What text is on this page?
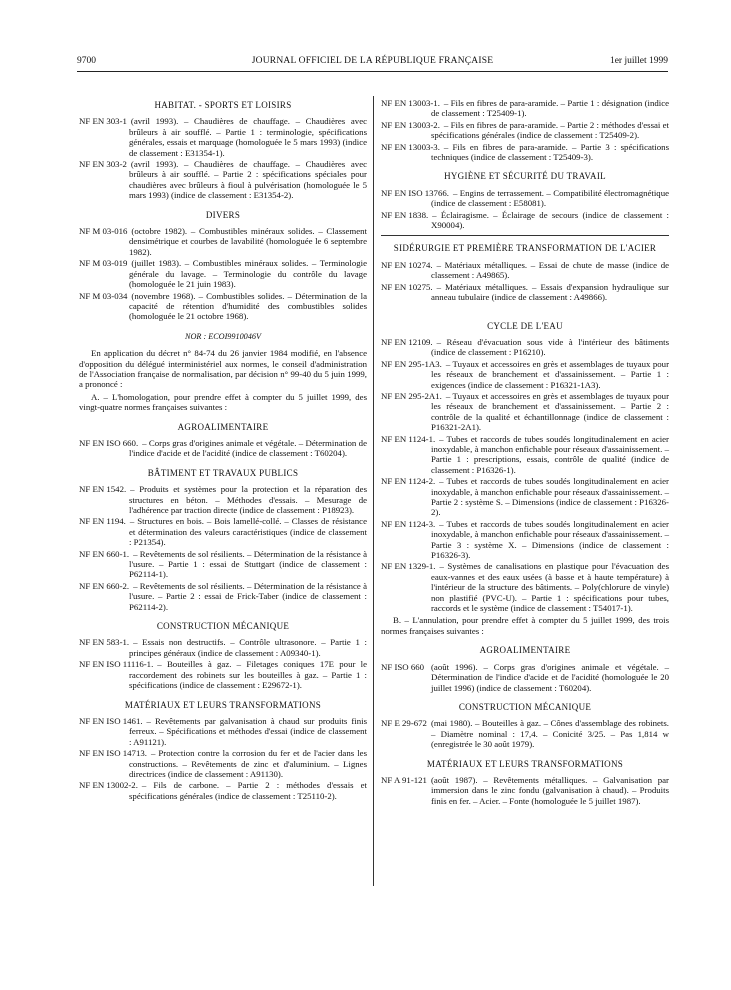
9700	JOURNAL OFFICIEL DE LA RÉPUBLIQUE FRANÇAISE	1er juillet 1999
HABITAT. - SPORTS ET LOISIRS
NF EN 303-1 (avril 1993). – Chaudières de chauffage. – Chaudières avec brûleurs à air soufflé. – Partie 1 : terminologie, spécifications générales, essais et marquage (homologuée le 5 mars 1993) (indice de classement : E31354-1).
NF EN 303-2 (avril 1993). – Chaudières de chauffage. – Chaudières avec brûleurs à air soufflé. – Partie 2 : spécifications spéciales pour chaudières avec brûleurs à fioul à pulvérisation (homologuée le 5 mars 1993) (indice de classement : E31354-2).
DIVERS
NF M 03-016 (octobre 1982). – Combustibles minéraux solides. – Classement densimétrique et courbes de lavabilité (homologuée le 6 septembre 1982).
NF M 03-019 (juillet 1983). – Combustibles minéraux solides. – Terminologie générale du lavage. – Terminologie du contrôle du lavage (homologuée le 21 juin 1983).
NF M 03-034 (novembre 1968). – Combustibles solides. – Détermination de la capacité de rétention d'humidité des combustibles solides (homologuée le 21 octobre 1968).
NOR : ECOI9910046V
En application du décret n° 84-74 du 26 janvier 1984 modifié, en l'absence d'opposition du délégué interministériel aux normes, le conseil d'administration de l'Association française de normalisation, par décision n° 99-40 du 5 juin 1999, a prononcé :
A. – L'homologation, pour prendre effet à compter du 5 juillet 1999, des vingt-quatre normes françaises suivantes :
AGROALIMENTAIRE
NF EN ISO 660. – Corps gras d'origines animale et végétale. – Détermination de l'indice d'acide et de l'acidité (indice de classement : T60204).
BÂTIMENT ET TRAVAUX PUBLICS
NF EN 1542. – Produits et systèmes pour la protection et la réparation des structures en béton. – Méthodes d'essais. – Mesurage de l'adhérence par traction directe (indice de classement : P18923).
NF EN 1194. – Structures en bois. – Bois lamellé-collé. – Classes de résistance et détermination des valeurs caractéristiques (indice de classement : P21354).
NF EN 660-1. – Revêtements de sol résilients. – Détermination de la résistance à l'usure. – Partie 1 : essai de Stuttgart (indice de classement : P62114-1).
NF EN 660-2. – Revêtements de sol résilients. – Détermination de la résistance à l'usure. – Partie 2 : essai de Frick-Taber (indice de classement : P62114-2).
CONSTRUCTION MÉCANIQUE
NF EN 583-1. – Essais non destructifs. – Contrôle ultrasonore. – Partie 1 : principes généraux (indice de classement : A09340-1).
NF EN ISO 11116-1. – Bouteilles à gaz. – Filetages coniques 17E pour le raccordement des robinets sur les bouteilles à gaz. – Partie 1 : spécifications (indice de classement : E29672-1).
MATÉRIAUX ET LEURS TRANSFORMATIONS
NF EN ISO 1461. – Revêtements par galvanisation à chaud sur produits finis ferreux. – Spécifications et méthodes d'essai (indice de classement : A91121).
NF EN ISO 14713. – Protection contre la corrosion du fer et de l'acier dans les constructions. – Revêtements de zinc et d'aluminium. – Lignes directrices (indice de classement : A91130).
NF EN 13002-2. – Fils de carbone. – Partie 2 : méthodes d'essais et spécifications générales (indice de classement : T25110-2).
NF EN 13003-1. – Fils en fibres de para-aramide. – Partie 1 : désignation (indice de classement : T25409-1).
NF EN 13003-2. – Fils en fibres de para-aramide. – Partie 2 : méthodes d'essai et spécifications générales (indice de classement : T25409-2).
NF EN 13003-3. – Fils en fibres de para-aramide. – Partie 3 : spécifications techniques (indice de classement : T25409-3).
HYGIÈNE ET SÉCURITÉ DU TRAVAIL
NF EN ISO 13766. – Engins de terrassement. – Compatibilité électromagnétique (indice de classement : E58081).
NF EN 1838. – Éclairagisme. – Éclairage de secours (indice de classement : X90004).
SIDÉRURGIE ET PREMIÈRE TRANSFORMATION DE L'ACIER
NF EN 10274. – Matériaux métalliques. – Essai de chute de masse (indice de classement : A49865).
NF EN 10275. – Matériaux métalliques. – Essais d'expansion hydraulique sur anneau tubulaire (indice de classement : A49866).
CYCLE DE L'EAU
NF EN 12109. – Réseau d'évacuation sous vide à l'intérieur des bâtiments (indice de classement : P16210).
NF EN 295-1A3. – Tuyaux et accessoires en grès et assemblages de tuyaux pour les réseaux de branchement et d'assainissement. – Partie 1 : exigences (indice de classement : P16321-1A3).
NF EN 295-2A1. – Tuyaux et accessoires en grès et assemblages de tuyaux pour les réseaux de branchement et d'assainissement. – Partie 2 : contrôle de la qualité et échantillonnage (indice de classement : P16321-2A1).
NF EN 1124-1. – Tubes et raccords de tubes soudés longitudinalement en acier inoxydable, à manchon enfichable pour réseaux d'assainissement. – Partie 1 : prescriptions, essais, contrôle de qualité (indice de classement : P16326-1).
NF EN 1124-2. – Tubes et raccords de tubes soudés longitudinalement en acier inoxydable, à manchon enfichable pour réseaux d'assainissement. – Partie 2 : système S. – Dimensions (indice de classement : P16326-2).
NF EN 1124-3. – Tubes et raccords de tubes soudés longitudinalement en acier inoxydable, à manchon enfichable pour réseaux d'assainissement. – Partie 3 : système X. – Dimensions (indice de classement : P16326-3).
NF EN 1329-1. – Systèmes de canalisations en plastique pour l'évacuation des eaux-vannes et des eaux usées (à basse et à haute température) à l'intérieur de la structure des bâtiments. – Poly(chlorure de vinyle) non plastifié (PVC-U). – Partie 1 : spécifications pour tubes, raccords et le système (indice de classement : T54017-1).
B. – L'annulation, pour prendre effet à compter du 5 juillet 1999, des trois normes françaises suivantes :
AGROALIMENTAIRE
NF ISO 660 (août 1996). – Corps gras d'origines animale et végétale. – Détermination de l'indice d'acide et de l'acidité (homologuée le 20 juillet 1996) (indice de classement : T60204).
CONSTRUCTION MÉCANIQUE
NF E 29-672 (mai 1980). – Bouteilles à gaz. – Cônes d'assemblage des robinets. – Diamètre nominal : 17,4. – Conicité 3/25. – Pas 1,814 w (enregistrée le 30 août 1979).
MATÉRIAUX ET LEURS TRANSFORMATIONS
NF A 91-121 (août 1987). – Revêtements métalliques. – Galvanisation par immersion dans le zinc fondu (galvanisation à chaud). – Produits finis en fer. – Acier. – Fonte (homologuée le 5 juillet 1987).
